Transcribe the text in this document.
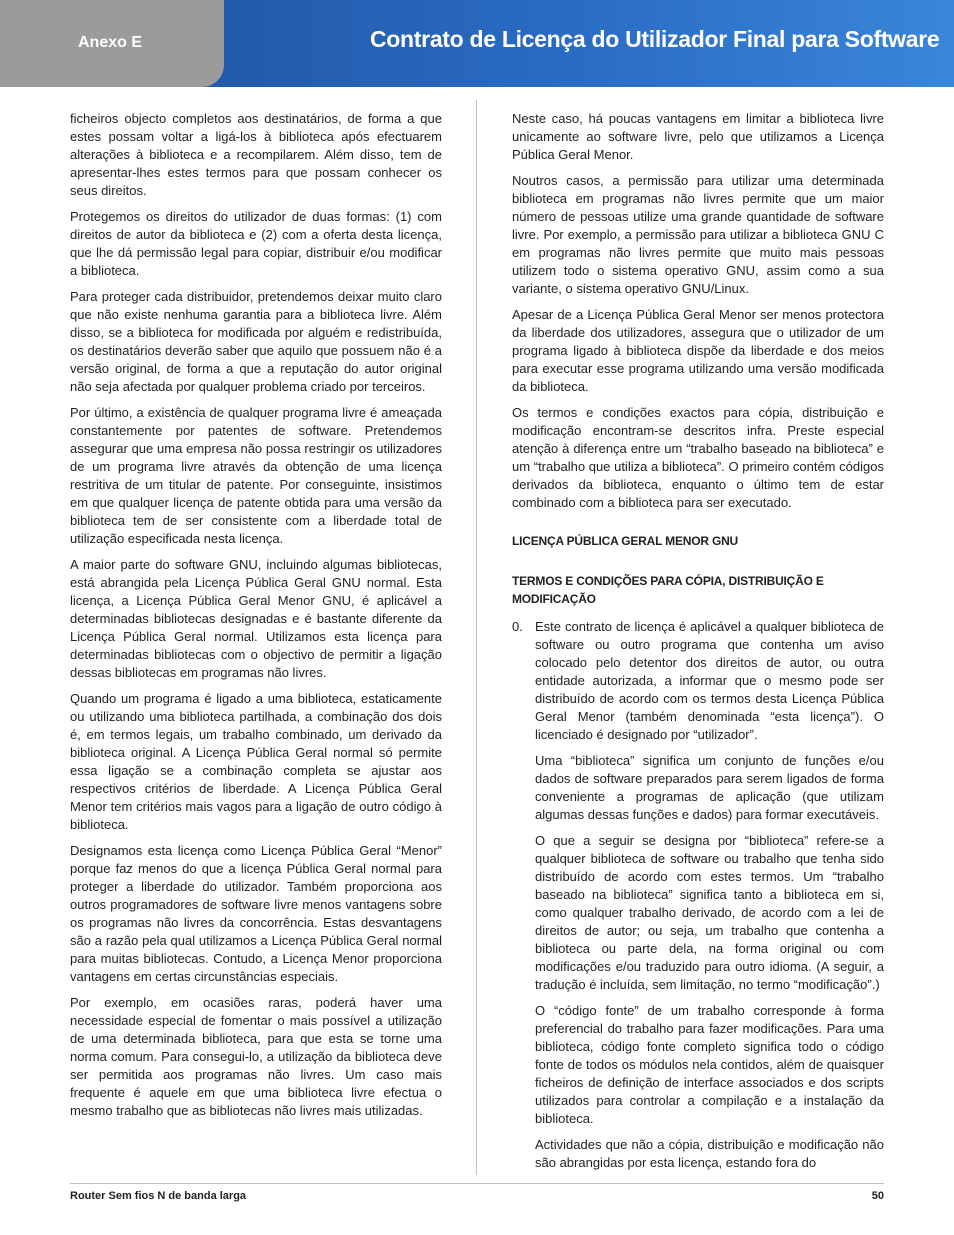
Anexo E	Contrato de Licença do Utilizador Final para Software

ficheiros objecto completos aos destinatários, de forma a que estes possam voltar a ligá-los à biblioteca após efectuarem alterações à biblioteca e a recompilarem. Além disso, tem de apresentar-lhes estes termos para que possam conhecer os seus direitos.

Protegemos os direitos do utilizador de duas formas: (1) com direitos de autor da biblioteca e (2) com a oferta desta licença, que lhe dá permissão legal para copiar, distribuir e/ou modificar a biblioteca.

Para proteger cada distribuidor, pretendemos deixar muito claro que não existe nenhuma garantia para a biblioteca livre. Além disso, se a biblioteca for modificada por alguém e redistribuída, os destinatários deverão saber que aquilo que possuem não é a versão original, de forma a que a reputação do autor original não seja afectada por qualquer problema criado por terceiros.

Por último, a existência de qualquer programa livre é ameaçada constantemente por patentes de software. Pretendemos assegurar que uma empresa não possa restringir os utilizadores de um programa livre através da obtenção de uma licença restritiva de um titular de patente. Por conseguinte, insistimos em que qualquer licença de patente obtida para uma versão da biblioteca tem de ser consistente com a liberdade total de utilização especificada nesta licença.

A maior parte do software GNU, incluindo algumas bibliotecas, está abrangida pela Licença Pública Geral GNU normal. Esta licença, a Licença Pública Geral Menor GNU, é aplicável a determinadas bibliotecas designadas e é bastante diferente da Licença Pública Geral normal. Utilizamos esta licença para determinadas bibliotecas com o objectivo de permitir a ligação dessas bibliotecas em programas não livres.

Quando um programa é ligado a uma biblioteca, estaticamente ou utilizando uma biblioteca partilhada, a combinação dos dois é, em termos legais, um trabalho combinado, um derivado da biblioteca original. A Licença Pública Geral normal só permite essa ligação se a combinação completa se ajustar aos respectivos critérios de liberdade. A Licença Pública Geral Menor tem critérios mais vagos para a ligação de outro código à biblioteca.

Designamos esta licença como Licença Pública Geral “Menor” porque faz menos do que a licença Pública Geral normal para proteger a liberdade do utilizador. Também proporciona aos outros programadores de software livre menos vantagens sobre os programas não livres da concorrência. Estas desvantagens são a razão pela qual utilizamos a Licença Pública Geral normal para muitas bibliotecas. Contudo, a Licença Menor proporciona vantagens em certas circunstâncias especiais.

Por exemplo, em ocasiões raras, poderá haver uma necessidade especial de fomentar o mais possível a utilização de uma determinada biblioteca, para que esta se torne uma norma comum. Para consegui-lo, a utilização da biblioteca deve ser permitida aos programas não livres. Um caso mais frequente é aquele em que uma biblioteca livre efectua o mesmo trabalho que as bibliotecas não livres mais utilizadas.

Neste caso, há poucas vantagens em limitar a biblioteca livre unicamente ao software livre, pelo que utilizamos a Licença Pública Geral Menor.

Noutros casos, a permissão para utilizar uma determinada biblioteca em programas não livres permite que um maior número de pessoas utilize uma grande quantidade de software livre. Por exemplo, a permissão para utilizar a biblioteca GNU C em programas não livres permite que muito mais pessoas utilizem todo o sistema operativo GNU, assim como a sua variante, o sistema operativo GNU/Linux.

Apesar de a Licença Pública Geral Menor ser menos protectora da liberdade dos utilizadores, assegura que o utilizador de um programa ligado à biblioteca dispõe da liberdade e dos meios para executar esse programa utilizando uma versão modificada da biblioteca.

Os termos e condições exactos para cópia, distribuição e modificação encontram-se descritos infra. Preste especial atenção à diferença entre um “trabalho baseado na biblioteca” e um “trabalho que utiliza a biblioteca”. O primeiro contém códigos derivados da biblioteca, enquanto o último tem de estar combinado com a biblioteca para ser executado.

LICENÇA PÚBLICA GERAL MENOR GNU

TERMOS E CONDIÇÕES PARA CÓPIA, DISTRIBUIÇÃO E MODIFICAÇÃO

0. Este contrato de licença é aplicável a qualquer biblioteca de software ou outro programa que contenha um aviso colocado pelo detentor dos direitos de autor, ou outra entidade autorizada, a informar que o mesmo pode ser distribuído de acordo com os termos desta Licença Pública Geral Menor (também denominada “esta licença”). O licenciado é designado por “utilizador”.

Uma “biblioteca” significa um conjunto de funções e/ou dados de software preparados para serem ligados de forma conveniente a programas de aplicação (que utilizam algumas dessas funções e dados) para formar executáveis.

O que a seguir se designa por “biblioteca” refere-se a qualquer biblioteca de software ou trabalho que tenha sido distribuído de acordo com estes termos. Um “trabalho baseado na biblioteca” significa tanto a biblioteca em si, como qualquer trabalho derivado, de acordo com a lei de direitos de autor; ou seja, um trabalho que contenha a biblioteca ou parte dela, na forma original ou com modificações e/ou traduzido para outro idioma. (A seguir, a tradução é incluída, sem limitação, no termo “modificação”.)

O “código fonte” de um trabalho corresponde à forma preferencial do trabalho para fazer modificações. Para uma biblioteca, código fonte completo significa todo o código fonte de todos os módulos nela contidos, além de quaisquer ficheiros de definição de interface associados e dos scripts utilizados para controlar a compilação e a instalação da biblioteca.

Actividades que não a cópia, distribuição e modificação não são abrangidas por esta licença, estando fora do

Router Sem fios N de banda larga	50
